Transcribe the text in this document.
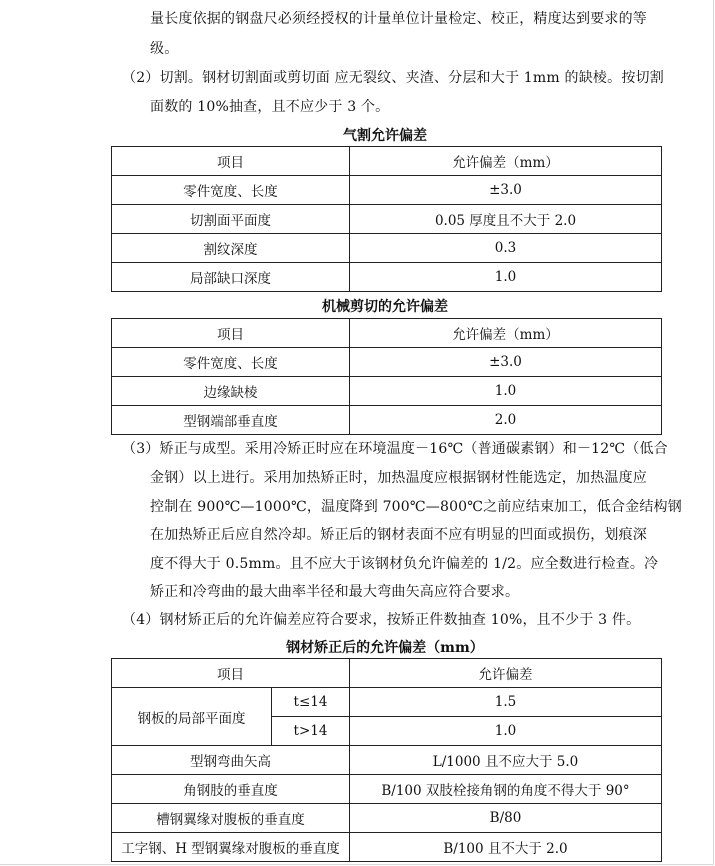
量长度依据的钢盘尺必须经授权的计量单位计量检定、校正，精度达到要求的等
级。
（2）切割。钢材切割面或剪切面 应无裂纹、夹渣、分层和大于 1mm 的缺棱。按切割
面数的 10%抽查，且不应少于 3 个。
气割允许偏差
项目	允许偏差（mm）
零件宽度、长度	±3.0
切割面平面度	0.05 厚度且不大于 2.0
割纹深度	0.3
局部缺口深度	1.0
机械剪切的允许偏差
项目	允许偏差（mm）
零件宽度、长度	±3.0
边缘缺棱	1.0
型钢端部垂直度	2.0
（3）矫正与成型。采用冷矫正时应在环境温度－16℃（普通碳素钢）和－12℃（低合
金钢）以上进行。采用加热矫正时，加热温度应根据钢材性能选定，加热温度应
控制在 900℃—1000℃，温度降到 700℃—800℃之前应结束加工，低合金结构钢
在加热矫正后应自然冷却。矫正后的钢材表面不应有明显的凹面或损伤，划痕深
度不得大于 0.5mm。且不应大于该钢材负允许偏差的 1/2。应全数进行检查。冷
矫正和冷弯曲的最大曲率半径和最大弯曲矢高应符合要求。
（4）钢材矫正后的允许偏差应符合要求，按矫正件数抽查 10%，且不少于 3 件。
钢材矫正后的允许偏差（mm）
项目		允许偏差
钢板的局部平面度	t≤14	1.5
	t>14	1.0
型钢弯曲矢高		L/1000 且不应大于 5.0
角钢肢的垂直度		B/100 双肢栓接角钢的角度不得大于 90°
槽钢翼缘对腹板的垂直度		B/80
工字钢、H 型钢翼缘对腹板的垂直度		B/100 且不大于 2.0
